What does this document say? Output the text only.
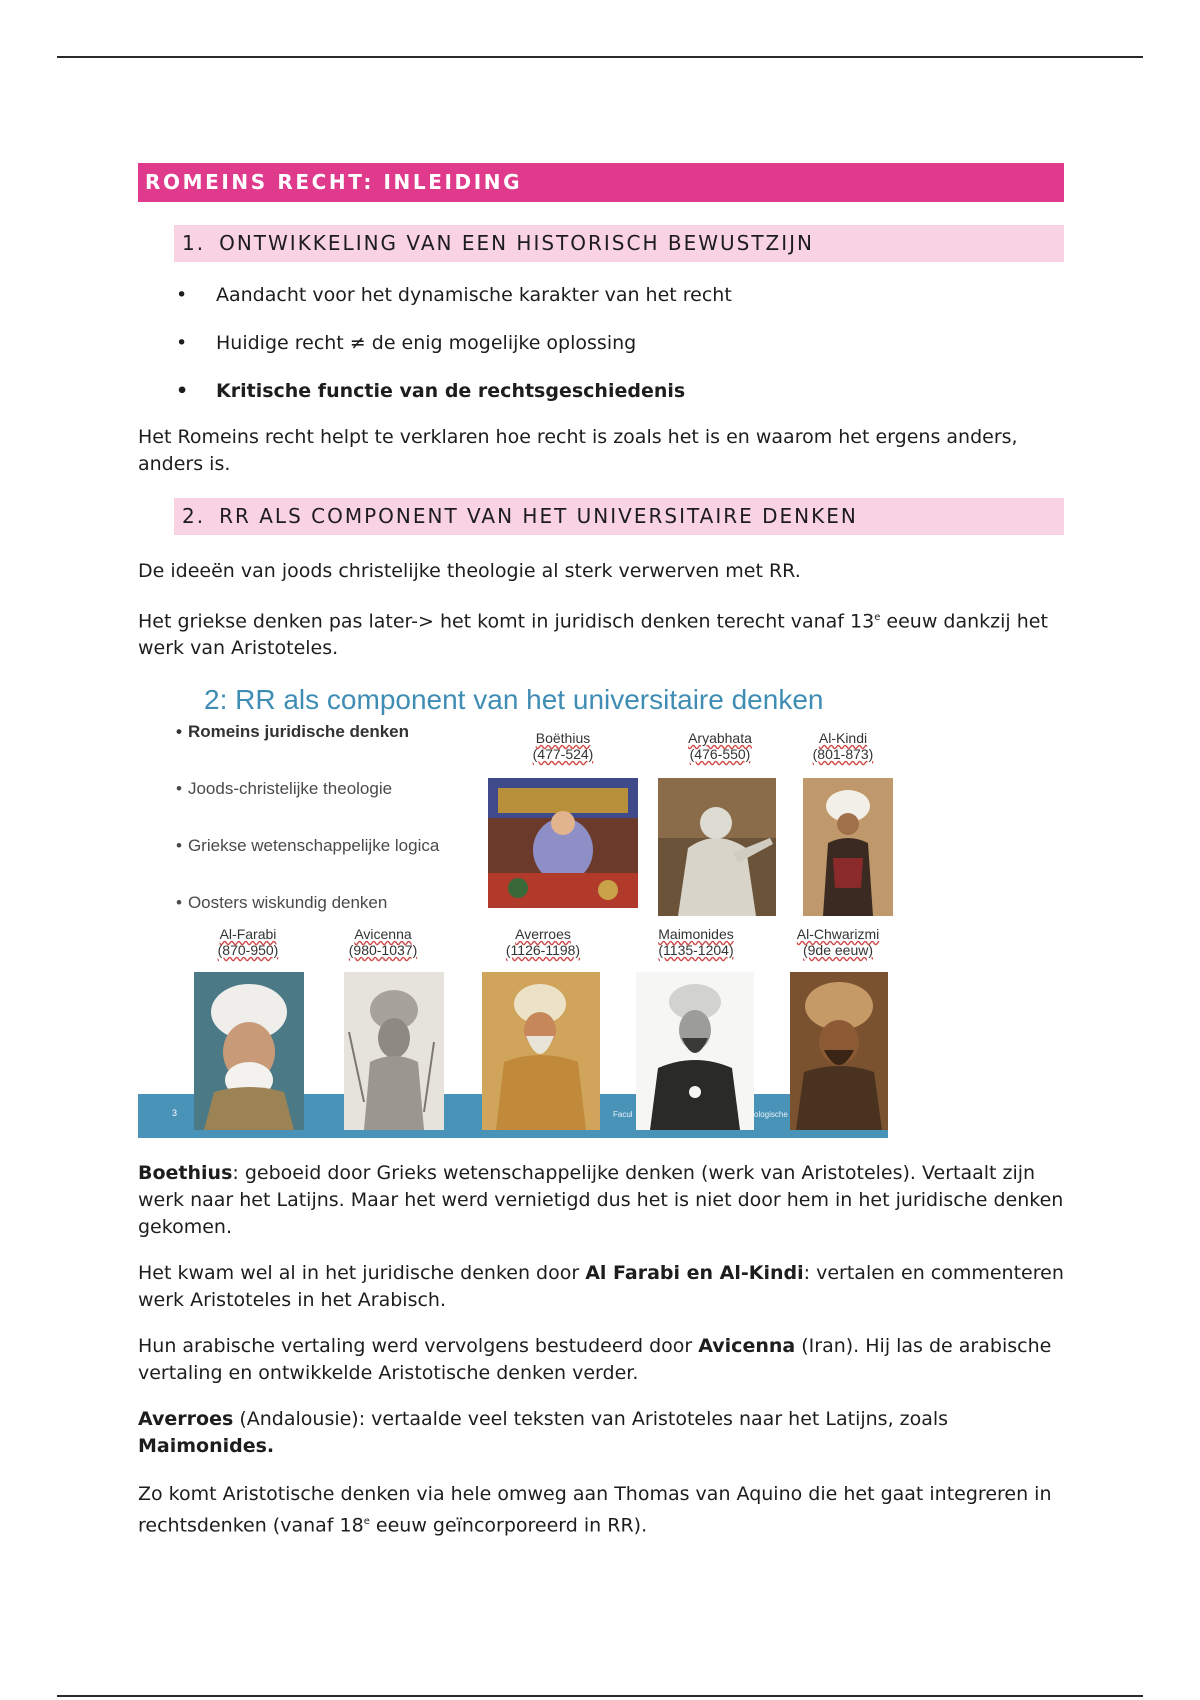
ROMEINS RECHT: INLEIDING
1. ONTWIKKELING VAN EEN HISTORISCH BEWUSTZIJN
• Aandacht voor het dynamische karakter van het recht
• Huidige recht ≠ de enig mogelijke oplossing
• Kritische functie van de rechtsgeschiedenis

Het Romeins recht helpt te verklaren hoe recht is zoals het is en waarom het ergens anders, anders is.

2. RR ALS COMPONENT VAN HET UNIVERSITAIRE DENKEN

De ideeën van joods christelijke theologie al sterk verwerven met RR.

Het griekse denken pas later-> het komt in juridisch denken terecht vanaf 13e eeuw dankzij het werk van Aristoteles.

2: RR als component van het universitaire denken
• Romeins juridische denken
• Joods-christelijke theologie
• Griekse wetenschappelijke logica
• Oosters wiskundig denken
3	Facul	ologische
Boëthius
(477-524)
Aryabhata
(476-550)
Al-Kindi
(801-873)
Al-Farabi
(870-950)
Avicenna
(980-1037)
Averroes
(1126-1198)
Maimonides
(1135-1204)
Al-Chwarizmi
(9de eeuw)

Boethius: geboeid door Grieks wetenschappelijke denken (werk van Aristoteles). Vertaalt zijn werk naar het Latijns. Maar het werd vernietigd dus het is niet door hem in het juridische denken gekomen.

Het kwam wel al in het juridische denken door Al Farabi en Al-Kindi: vertalen en commenteren werk Aristoteles in het Arabisch.

Hun arabische vertaling werd vervolgens bestudeerd door Avicenna (Iran). Hij las de arabische vertaling en ontwikkelde Aristotische denken verder.

Averroes (Andalousie): vertaalde veel teksten van Aristoteles naar het Latijns, zoals Maimonides.

Zo komt Aristotische denken via hele omweg aan Thomas van Aquino die het gaat integreren in rechtsdenken (vanaf 18e eeuw geïncorporeerd in RR).
